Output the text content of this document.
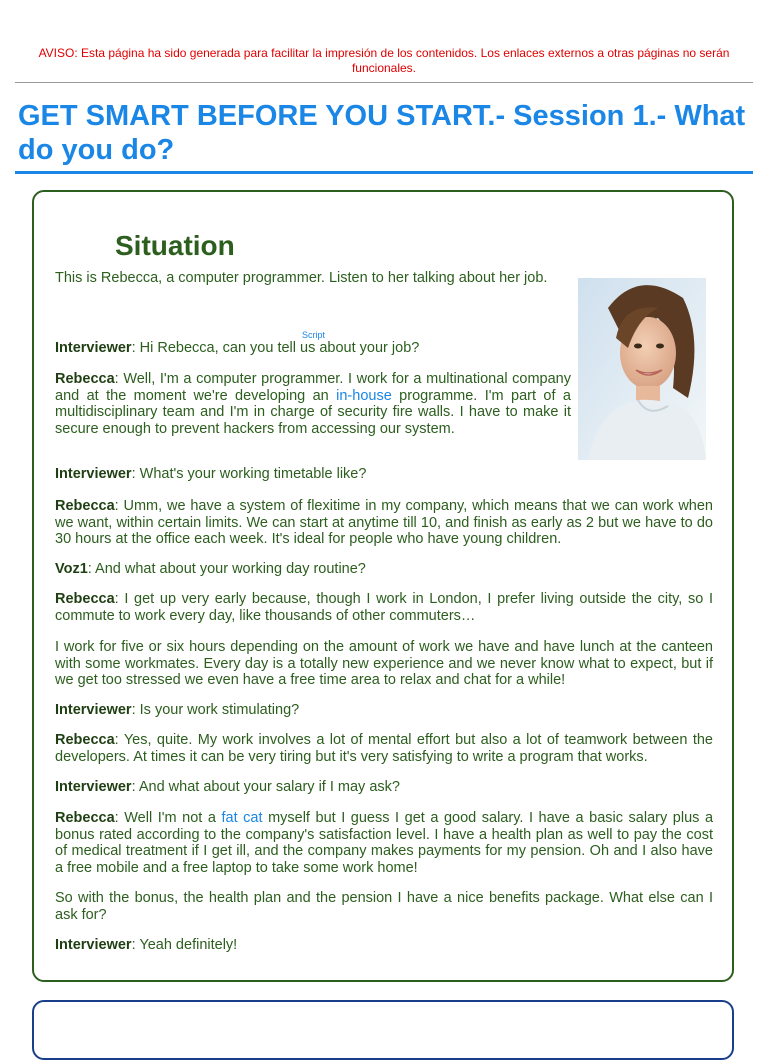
AVISO: Esta página ha sido generada para facilitar la impresión de los contenidos. Los enlaces externos a otras páginas no serán funcionales.
GET SMART BEFORE YOU START.- Session 1.- What do you do?
Situation

This is Rebecca, a computer programmer. Listen to her talking about her job.

Script

Interviewer: Hi Rebecca, can you tell us about your job?

Rebecca: Well, I'm a computer programmer. I work for a multinational company and at the moment we're developing an in-house programme. I'm part of a multidisciplinary team and I'm in charge of security fire walls. I have to make it secure enough to prevent hackers from accessing our system.

Interviewer: What's your working timetable like?

Rebecca: Umm, we have a system of flexitime in my company, which means that we can work when we want, within certain limits. We can start at anytime till 10, and finish as early as 2 but we have to do 30 hours at the office each week. It's ideal for people who have young children.

Voz1: And what about your working day routine?

Rebecca: I get up very early because, though I work in London, I prefer living outside the city, so I commute to work every day, like thousands of other commuters…

I work for five or six hours depending on the amount of work we have and have lunch at the canteen with some workmates. Every day is a totally new experience and we never know what to expect, but if we get too stressed we even have a free time area to relax and chat for a while!

Interviewer: Is your work stimulating?

Rebecca: Yes, quite. My work involves a lot of mental effort but also a lot of teamwork between the developers. At times it can be very tiring but it's very satisfying to write a program that works.

Interviewer: And what about your salary if I may ask?

Rebecca: Well I'm not a fat cat myself but I guess I get a good salary. I have a basic salary plus a bonus rated according to the company's satisfaction level. I have a health plan as well to pay the cost of medical treatment if I get ill, and the company makes payments for my pension. Oh and I also have a free mobile and a free laptop to take some work home!

So with the bonus, the health plan and the pension I have a nice benefits package. What else can I ask for?

Interviewer: Yeah definitely!
